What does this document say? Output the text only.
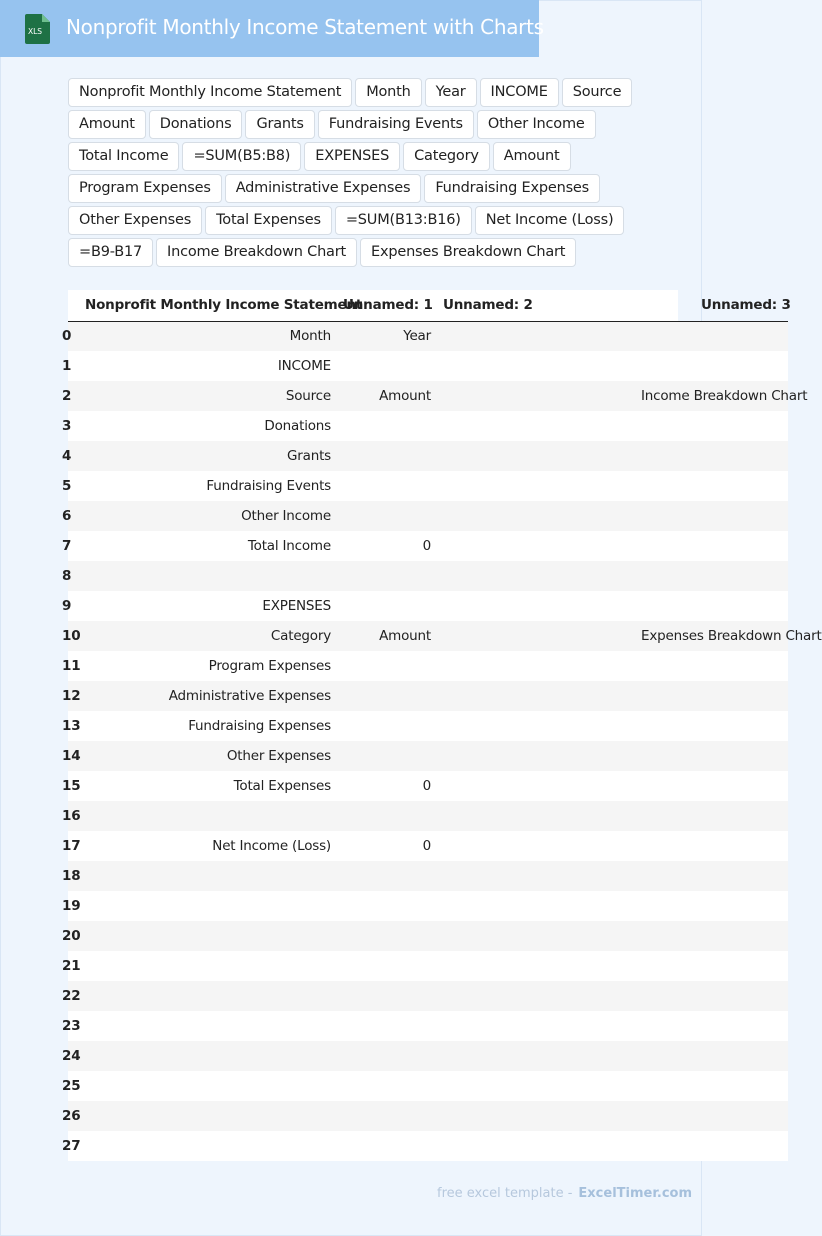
XLS Nonprofit Monthly Income Statement with Charts
Nonprofit Monthly Income Statement	Month	Year	INCOME	Source
Amount	Donations	Grants	Fundraising Events	Other Income
Total Income	=SUM(B5:B8)	EXPENSES	Category	Amount
Program Expenses	Administrative Expenses	Fundraising Expenses
Other Expenses	Total Expenses	=SUM(B13:B16)	Net Income (Loss)
=B9-B17	Income Breakdown Chart	Expenses Breakdown Chart
	Nonprofit Monthly Income Statement	Unnamed: 1	Unnamed: 2	Unnamed: 3
0	Month	Year		
1	INCOME			
2	Source	Amount		Income Breakdown Chart
3	Donations			
4	Grants			
5	Fundraising Events			
6	Other Income			
7	Total Income	0		
8				
9	EXPENSES			
10	Category	Amount		Expenses Breakdown Chart
11	Program Expenses			
12	Administrative Expenses			
13	Fundraising Expenses			
14	Other Expenses			
15	Total Expenses	0		
16				
17	Net Income (Loss)	0		
18				
19				
20				
21				
22				
23				
24				
25				
26				
27				
free excel template - ExcelTimer.com
